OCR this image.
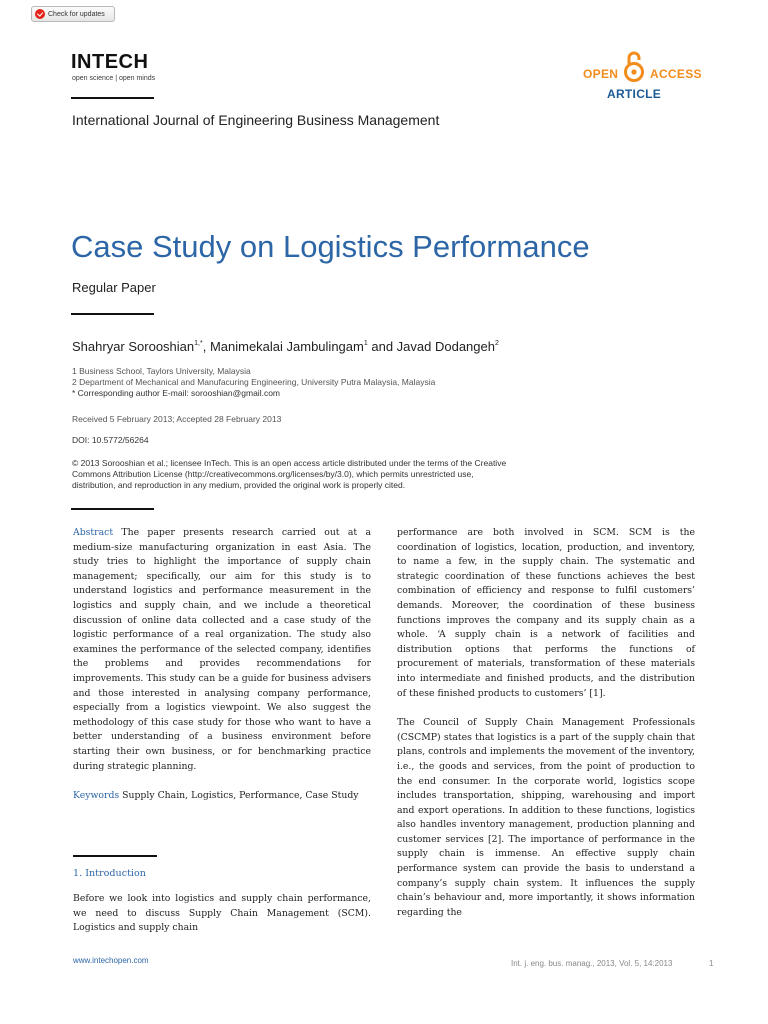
Check for updates
INTECH
open science | open minds	OPEN	ACCESS
ARTICLE
International Journal of Engineering Business Management
Case Study on Logistics Performance
Regular Paper
Shahryar Sorooshian$^{1,*}$, Manimekalai Jambulingam$^1$ and Javad Dodangeh$^2$
1 Business School, Taylors University, Malaysia
2 Department of Mechanical and Manufacuring Engineering, University Putra Malaysia, Malaysia
* Corresponding author E-mail: sorooshian@gmail.com
Received 5 February 2013; Accepted 28 February 2013
DOI: 10.5772/56264
© 2013 Sorooshian et al.; licensee InTech. This is an open access article distributed under the terms of the Creative
Commons Attribution License (http://creativecommons.org/licenses/by/3.0), which permits unrestricted use,
distribution, and reproduction in any medium, provided the original work is properly cited.

Abstract The paper presents research carried out at a medium-size manufacturing organization in east Asia. The study tries to highlight the importance of supply chain management; specifically, our aim for this study is to understand logistics and performance measurement in the logistics and supply chain, and we include a theoretical discussion of online data collected and a case study of the logistic performance of a real organization. The study also examines the performance of the selected company, identifies the problems and provides recommendations for improvements. This study can be a guide for business advisers and those interested in analysing company performance, especially from a logistics viewpoint. We also suggest the methodology of this case study for those who want to have a better understanding of a business environment before starting their own business, or for benchmarking practice during strategic planning.

Keywords Supply Chain, Logistics, Performance, Case Study

1. Introduction

Before we look into logistics and supply chain performance, we need to discuss Supply Chain Management (SCM). Logistics and supply chain

performance are both involved in SCM. SCM is the coordination of logistics, location, production, and inventory, to name a few, in the supply chain. The systematic and strategic coordination of these functions achieves the best combination of efficiency and response to fulfil customers’ demands. Moreover, the coordination of these business functions improves the company and its supply chain as a whole. ‘A supply chain is a network of facilities and distribution options that performs the functions of procurement of materials, transformation of these materials into intermediate and finished products, and the distribution of these finished products to customers’ [1].

The Council of Supply Chain Management Professionals (CSCMP) states that logistics is a part of the supply chain that plans, controls and implements the movement of the inventory, i.e., the goods and services, from the point of production to the end consumer. In the corporate world, logistics scope includes transportation, shipping, warehousing and import and export operations. In addition to these functions, logistics also handles inventory management, production planning and customer services [2]. The importance of performance in the supply chain is immense. An effective supply chain performance system can provide the basis to understand a company’s supply chain system. It influences the supply chain’s behaviour and, more importantly, it shows information regarding the

www.intechopen.com	Int. j. eng. bus. manag., 2013, Vol. 5, 14:2013	1
